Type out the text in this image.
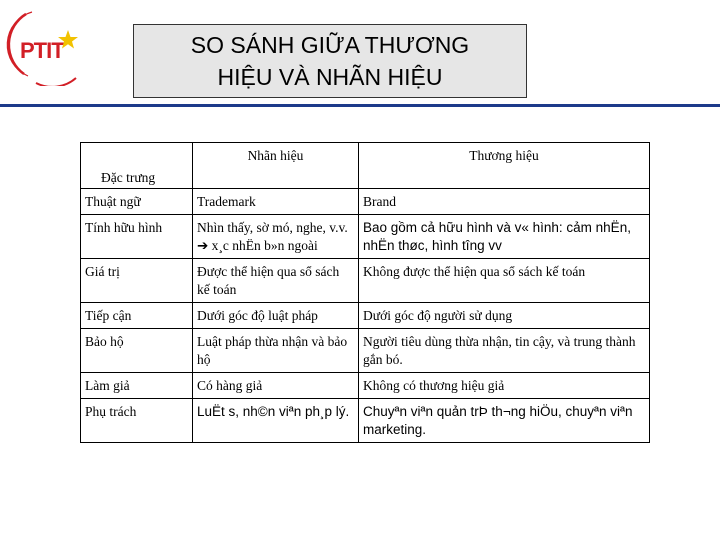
PTIT	SO SÁNH GIỮA THƯƠNG
HIỆU VÀ NHÃN HIỆU
Đặc trưng	Nhãn hiệu	Thương hiệu
Thuật ngữ	Trademark	Brand
Tính hữu hình	Nhìn thấy, sờ mó, nghe, v.v. ➔ x¸c nhËn b»n ngoài	Bao gồm cả hữu hình và v« hình: cảm nhËn, nhËn thøc, hình tîng vv
Giá trị	Được thể hiện qua sổ sách kế toán	Không được thể hiện qua sổ sách kế toán
Tiếp cận	Dưới góc độ luật pháp	Dưới góc độ người sử dụng
Bảo hộ	Luật pháp thừa nhận và bảo hộ	Người tiêu dùng thừa nhận, tin cậy, và trung thành gắn bó.
Làm giả	Có hàng giả	Không có thương hiệu giả
Phụ trách	LuËt s, nh©n viªn ph¸p lý.	Chuyªn viªn quản trÞ th¬ng hiÖu, chuyªn viªn marketing.
